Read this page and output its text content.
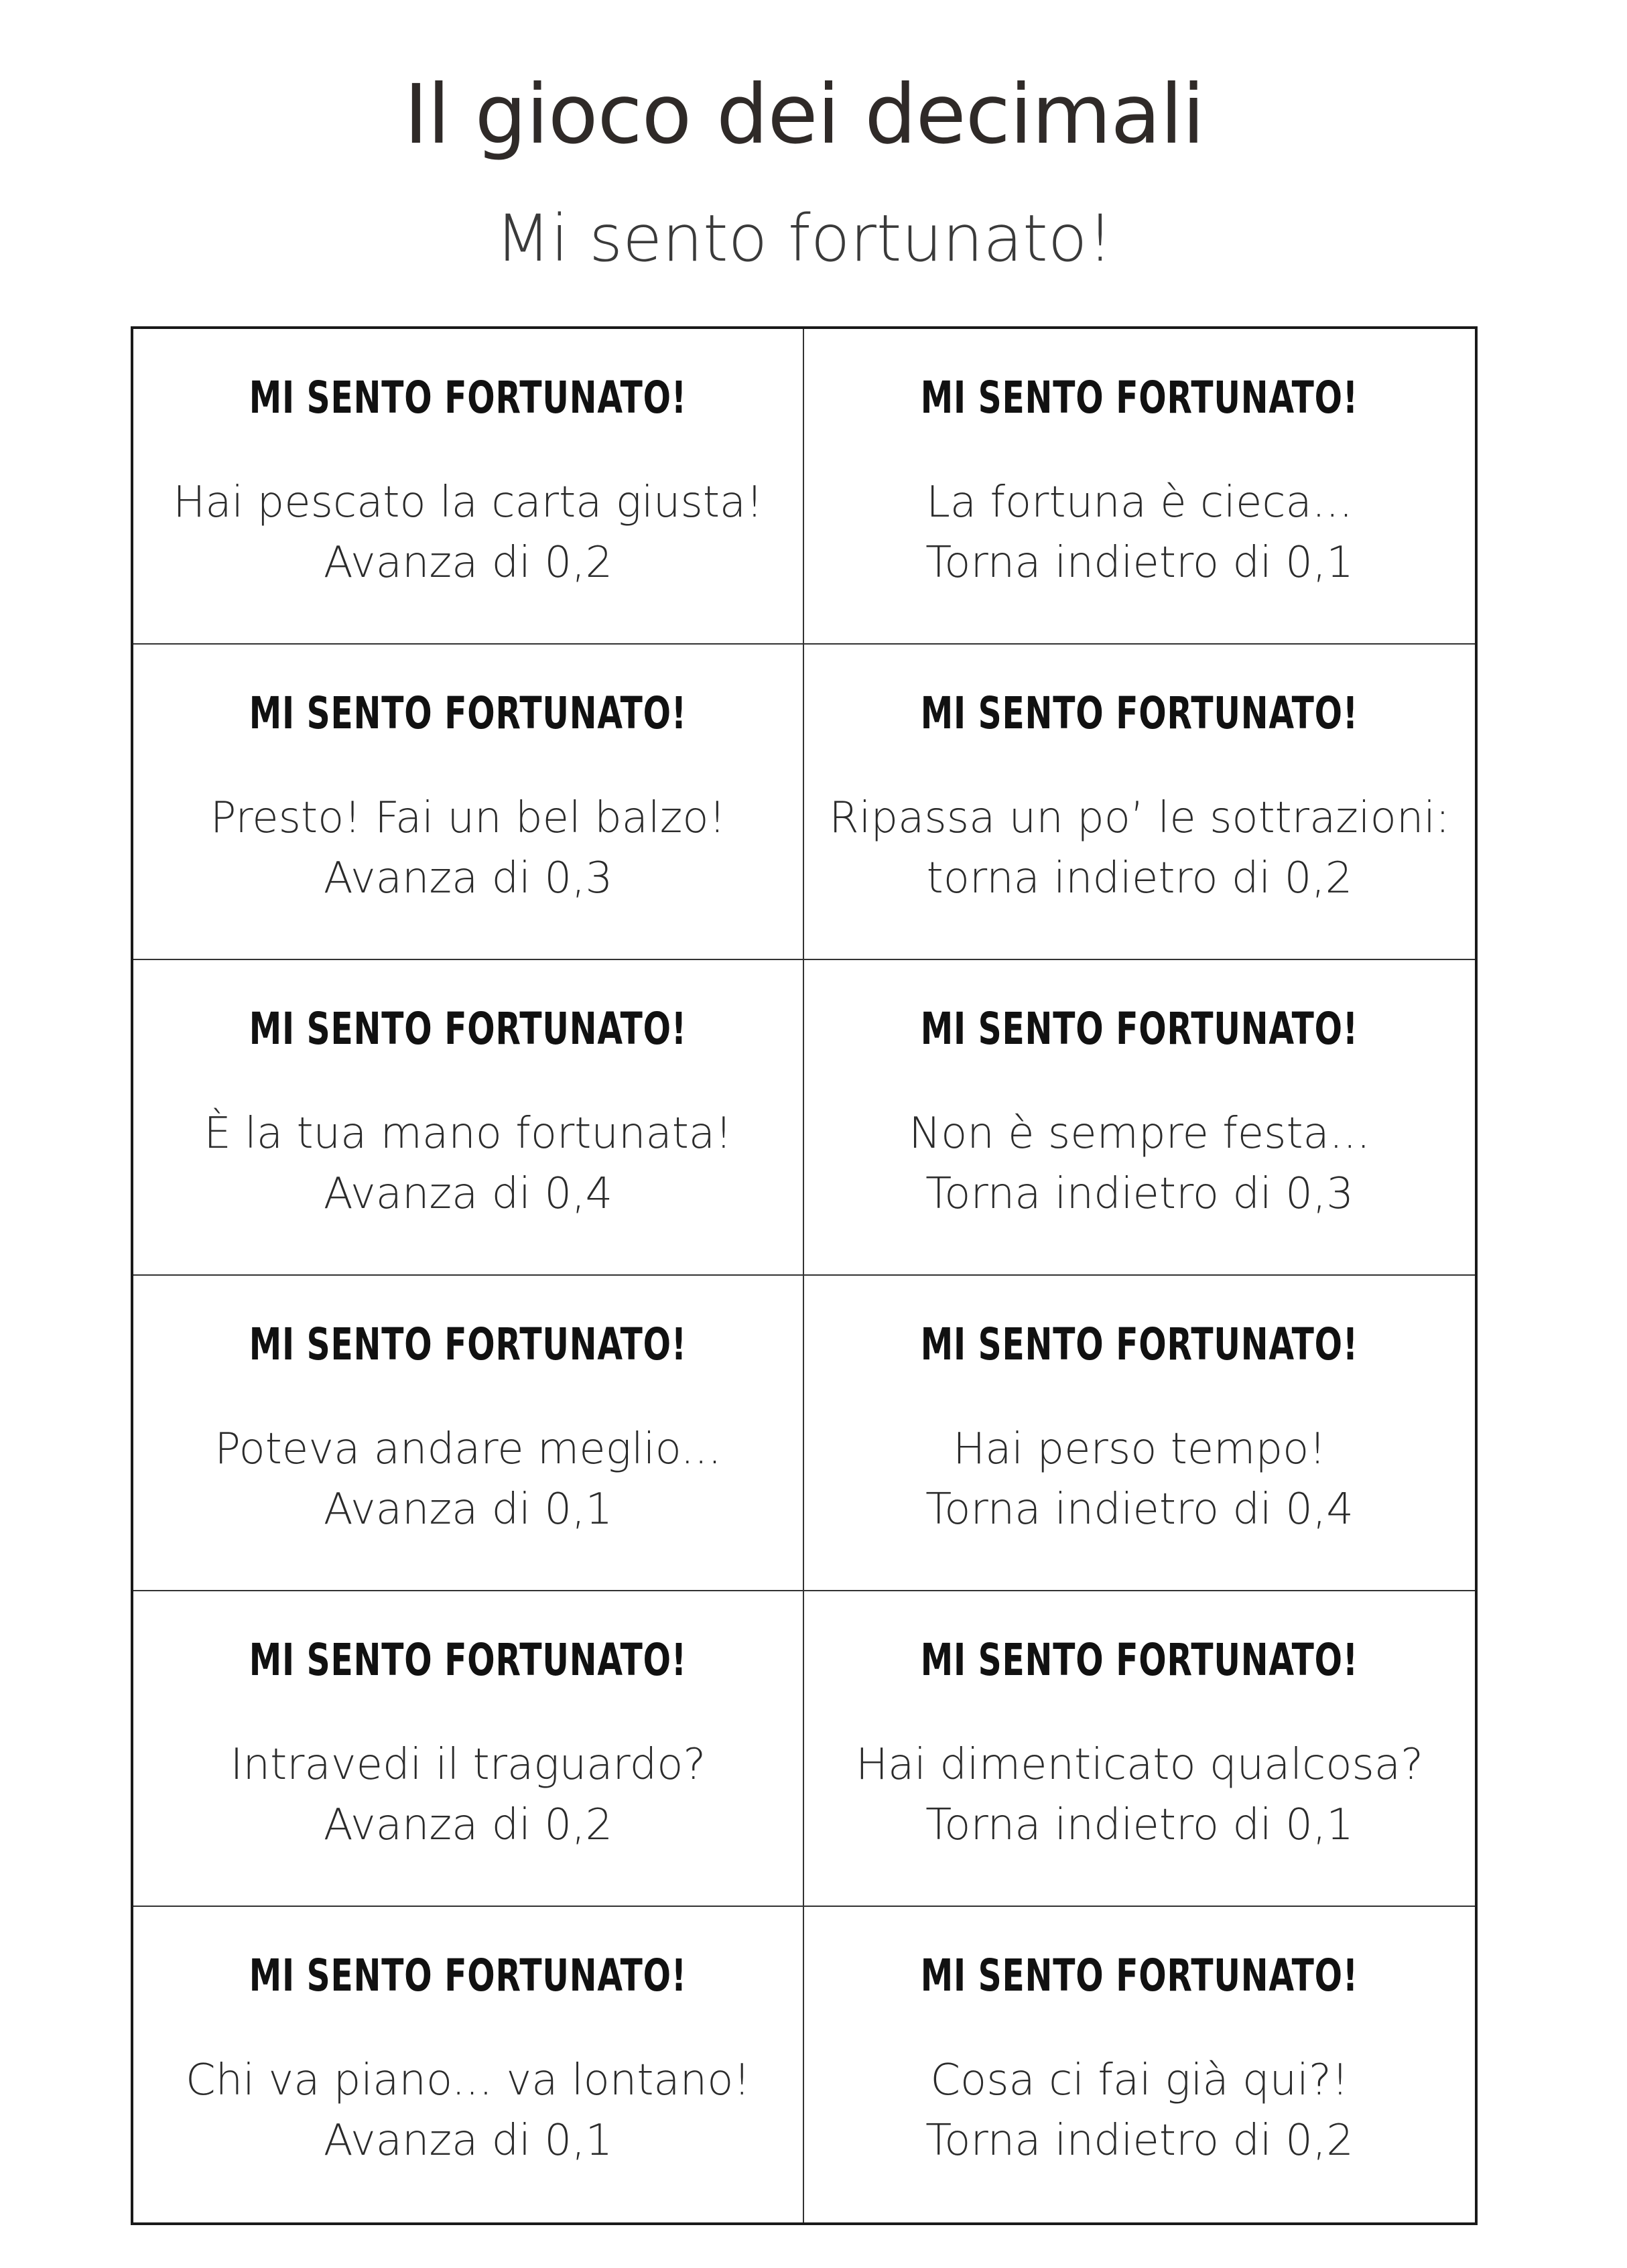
Il gioco dei decimali
Mi sento fortunato!
MI SENTO FORTUNATO!
Hai pescato la carta giusta!
Avanza di 0,2
MI SENTO FORTUNATO!
La fortuna è cieca...
Torna indietro di 0,1
MI SENTO FORTUNATO!
Presto! Fai un bel balzo!
Avanza di 0,3
MI SENTO FORTUNATO!
Ripassa un po’ le sottrazioni:
torna indietro di 0,2
MI SENTO FORTUNATO!
È la tua mano fortunata!
Avanza di 0,4
MI SENTO FORTUNATO!
Non è sempre festa...
Torna indietro di 0,3
MI SENTO FORTUNATO!
Poteva andare meglio...
Avanza di 0,1
MI SENTO FORTUNATO!
Hai perso tempo!
Torna indietro di 0,4
MI SENTO FORTUNATO!
Intravedi il traguardo?
Avanza di 0,2
MI SENTO FORTUNATO!
Hai dimenticato qualcosa?
Torna indietro di 0,1
MI SENTO FORTUNATO!
Chi va piano... va lontano!
Avanza di 0,1
MI SENTO FORTUNATO!
Cosa ci fai già qui?!
Torna indietro di 0,2
